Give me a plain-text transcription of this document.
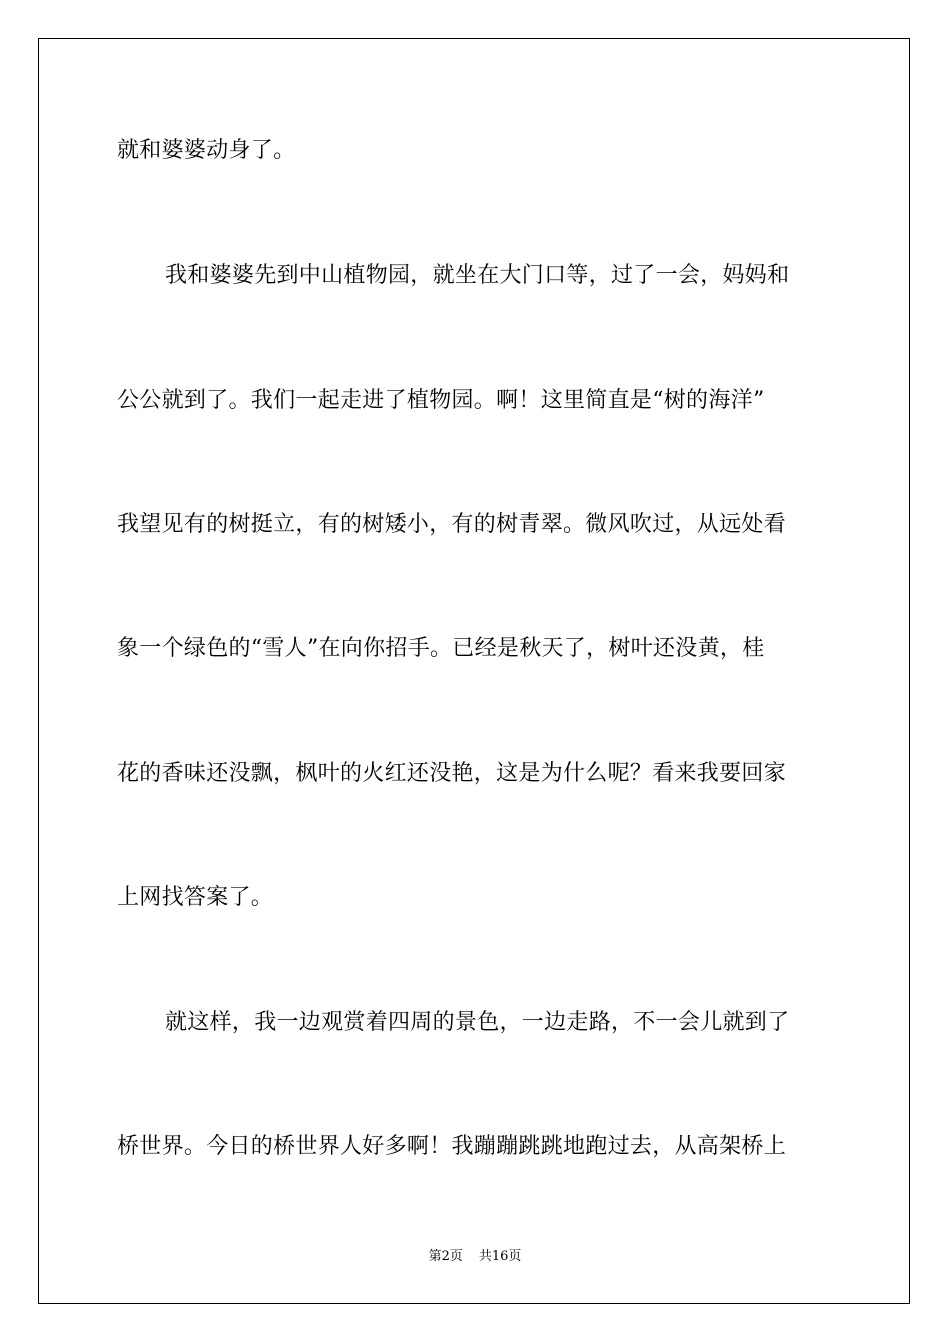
就和婆婆动身了。
我和婆婆先到中山植物园，就坐在大门口等，过了一会，妈妈和
公公就到了。我们一起走进了植物园。啊！这里简直是“树的海洋”
我望见有的树挺立，有的树矮小，有的树青翠。微风吹过，从远处看
象一个绿色的“雪人”在向你招手。已经是秋天了，树叶还没黄，桂
花的香味还没飘，枫叶的火红还没艳，这是为什么呢？看来我要回家
上网找答案了。
就这样，我一边观赏着四周的景色，一边走路，不一会儿就到了
桥世界。今日的桥世界人好多啊！我蹦蹦跳跳地跑过去，从高架桥上
第2页 共16页
